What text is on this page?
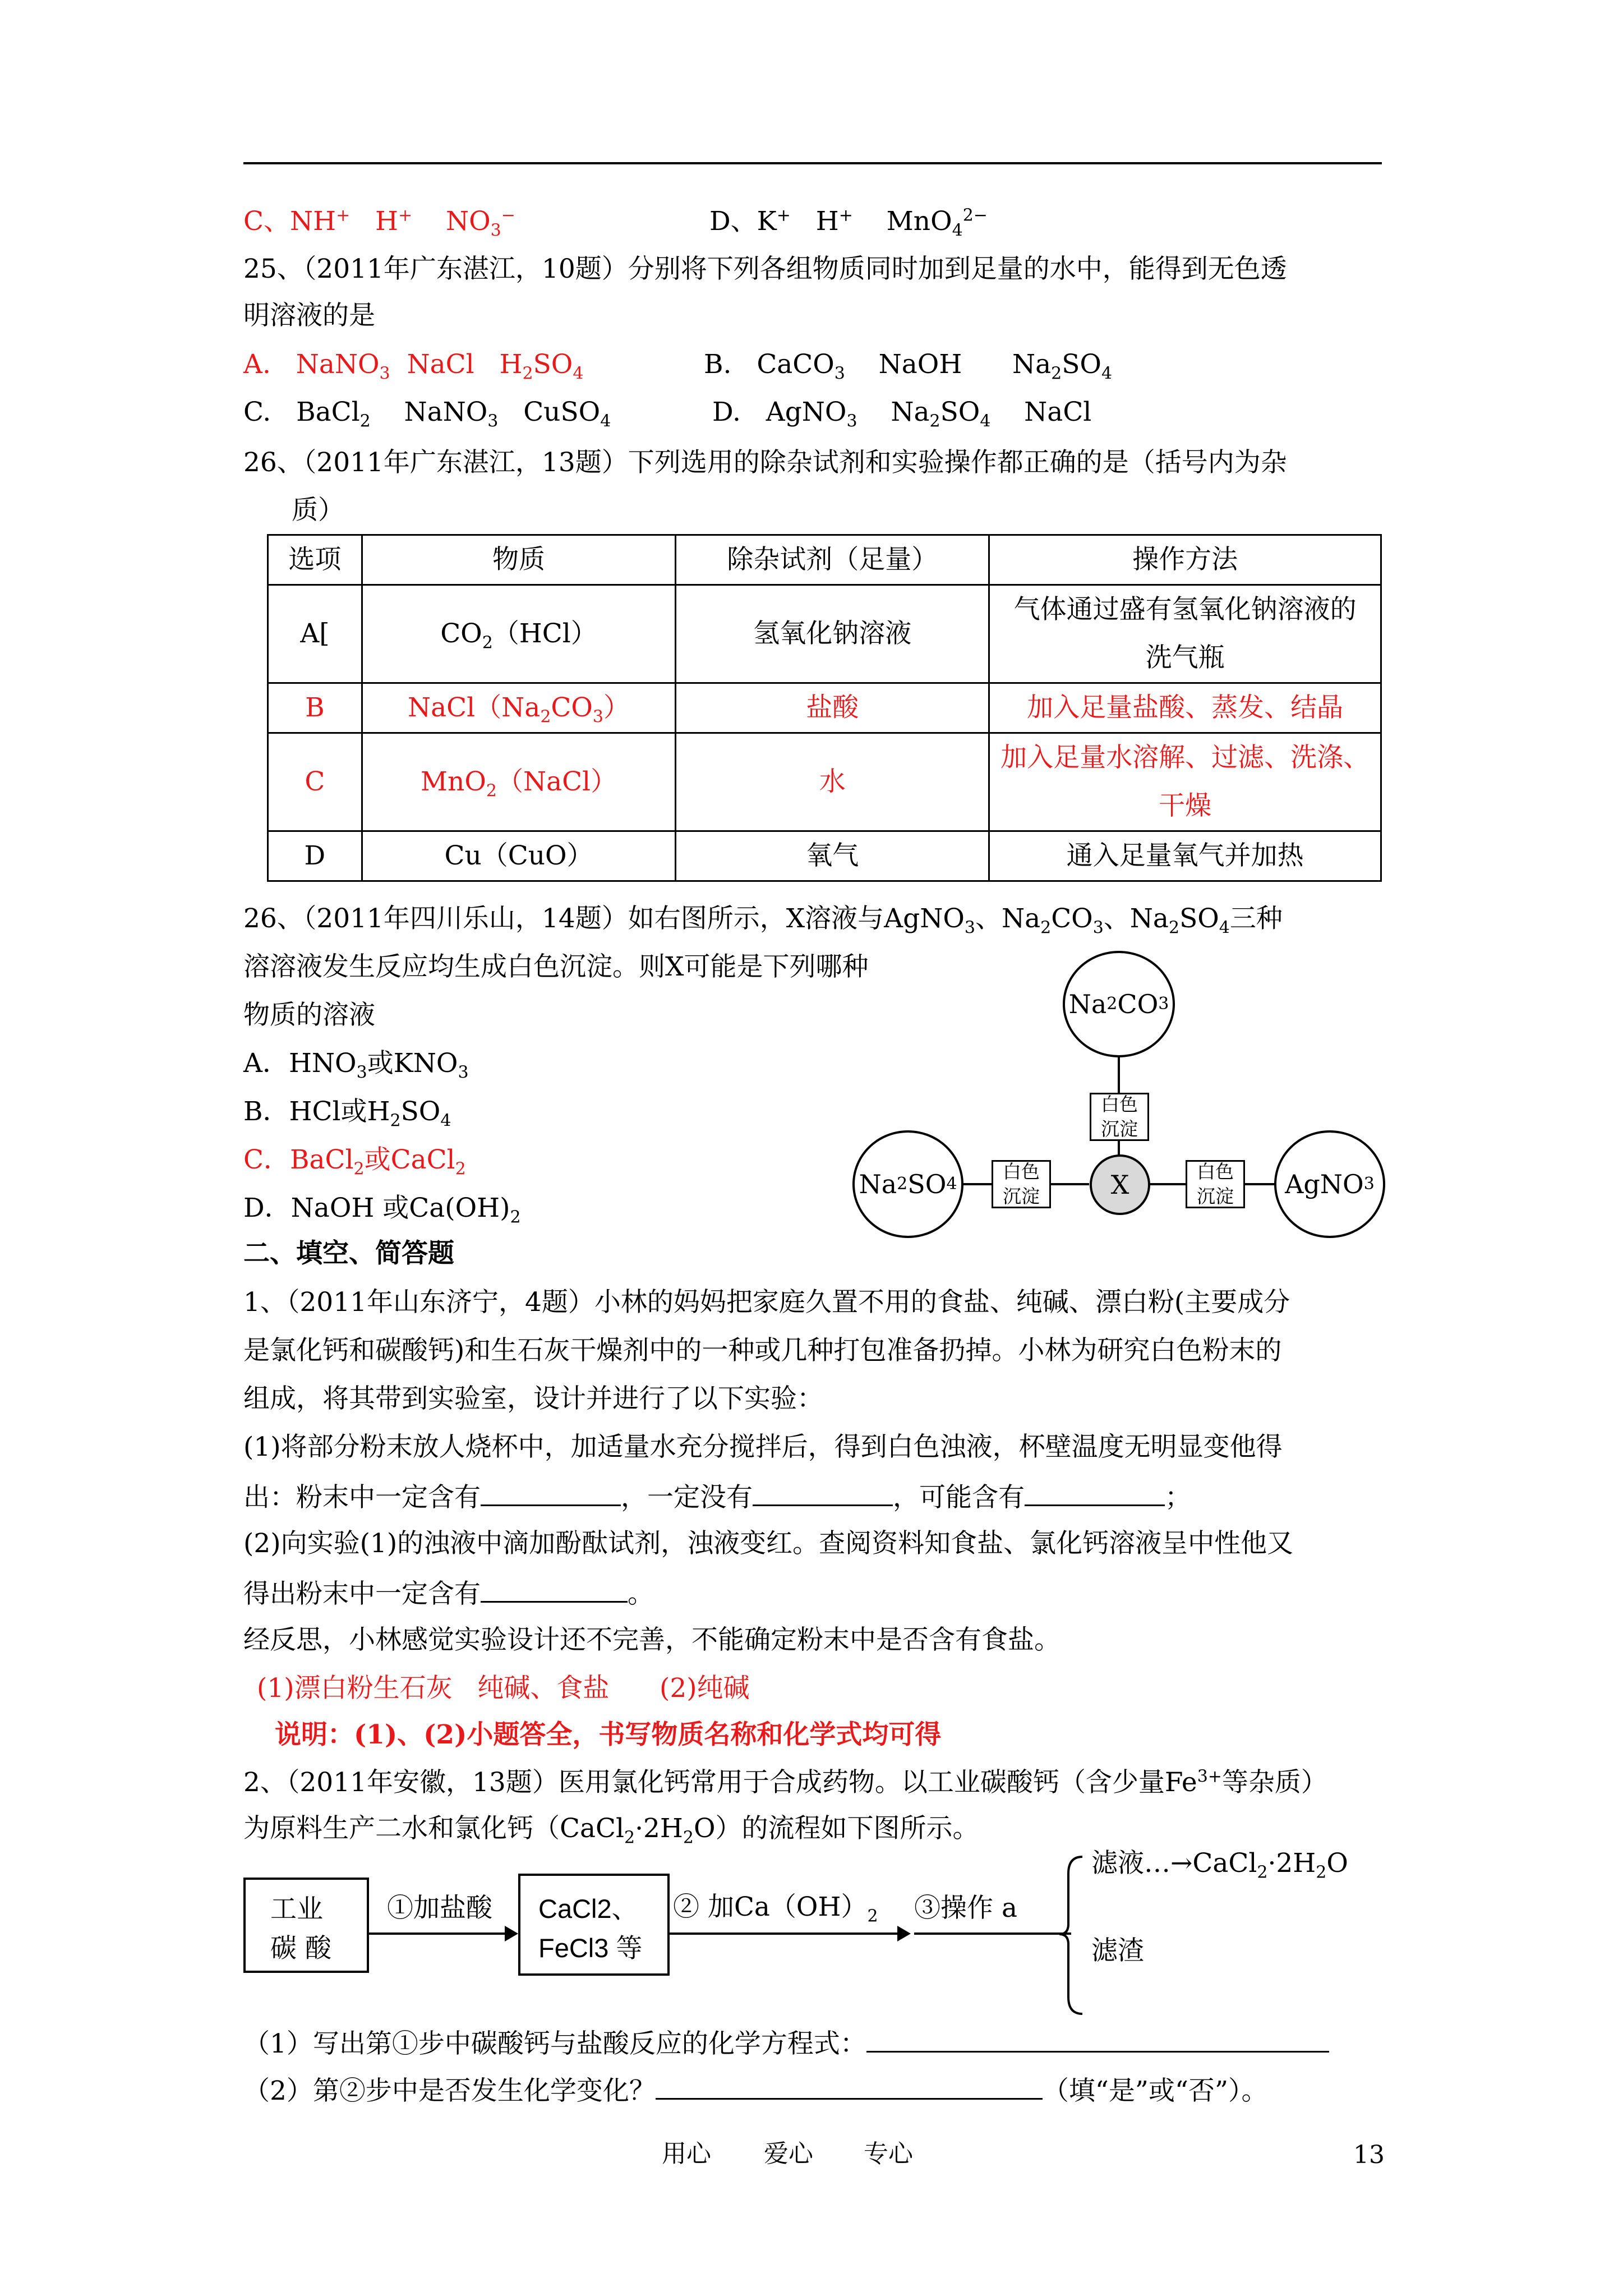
C、NH+ H+ $NO_3^-$	D、K+ H+ MnO$_4^{2-}$
25、（2011年广东湛江，10题）分别将下列各组物质同时加到足量的水中，能得到无色透
明溶液的是
A. NaNO$_3$ NaCl $H_2SO_4$	B. CaCO$_3$ NaOH $Na_2SO_4$
C. BaCl$_2$ NaNO$_3$ CuSO$_4$	D. AgNO$_3$ $Na_2SO_4$ NaCl
26、（2011年广东湛江，13题）下列选用的除杂试剂和实验操作都正确的是（括号内为杂
质）
选项	物质	除杂试剂（足量）	操作方法
A[	$CO_2(HCl)$	氢氧化钠溶液	气体通过盛有氢氧化钠溶液的
洗气瓶

B	$NaCl(Na_2CO_3)$	盐酸	加入足量盐酸、蒸发、结晶
C	MnO$_2$（NaCl）	水	加入足量水溶解、过滤、洗涤、
干燥

D	Cu（CuO）	氧气	通入足量氧气并加热
26、（2011年四川乐山，14题）如右图所示，X溶液与AgNO$_3$、$Na_2CO_3$、$Na_2SO_4$三种
溶溶液发生反应均生成白色沉淀。则X可能是下列哪种
物质的溶液
A．$HNO_3$或$KNO_3$
B．HCl或$H_2SO_4$
C．BaCl$_2$或CaCl$_2$
D．NaOH 或$Ca(OH)_2$
Na 2 CO 3
Na 2 SO 4	AgNO 3
X
白色
沉淀
白色
沉淀
白色
沉淀
二、填空、简答题
1、（2011年山东济宁，4题）小林的妈妈把家庭久置不用的食盐、纯碱、漂白粉(主要成分
是氯化钙和碳酸钙)和生石灰干燥剂中的一种或几种打包准备扔掉。小林为研究白色粉末的
组成，将其带到实验室，设计并进行了以下实验：
(1)将部分粉末放人烧杯中，加适量水充分搅拌后，得到白色浊液，杯壁温度无明显变他得
出：粉末中一定含有	，一定没有	，可能含有	；
(2)向实验(1)的浊液中滴加酚酞试剂，浊液变红。查阅资料知食盐、氯化钙溶液呈中性他又
得出粉末中一定含有	。
经反思，小林感觉实验设计还不完善，不能确定粉末中是否含有食盐。
(1)漂白粉生石灰   纯碱、食盐      (2)纯碱
说明：(1)、(2)小题答全，书写物质名称和化学式均可得
2、（2011年安徽，13题）医用氯化钙常用于合成药物。以工业碳酸钙（含少量$Fe^{3+}$等杂质）
为原料生产二水和氯化钙$(CaCl_2\cdot 2H_2O)$的流程如下图所示。
工业
碳 酸
①加盐酸 CaCl2、
FeCl3 等
② 加$Ca(OH)_2$ ③操作 a
滤液$\dots\to CaCl_2\cdot 2H_2O$
滤渣
（1）写出第①步中碳酸钙与盐酸反应的化学方程式：
（2）第②步中是否发生化学变化？	（填“是”或“否”）。
用心 爱心 专心	13
